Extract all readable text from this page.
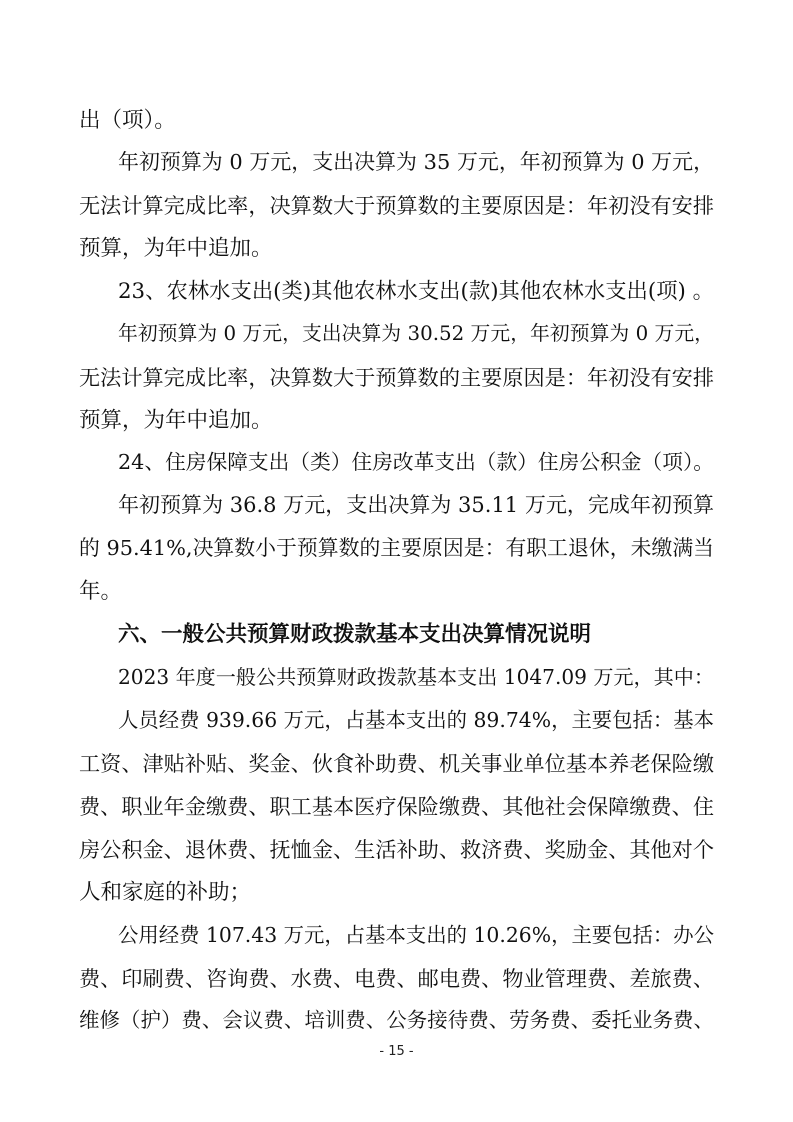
出（项）。
年初预算为 0 万元，支出决算为 35 万元，年初预算为 0 万元，
无法计算完成比率，决算数大于预算数的主要原因是：年初没有安排
预算，为年中追加。
23、农林水支出(类)其他农林水支出(款)其他农林水支出(项) 。
年初预算为 0 万元，支出决算为 30.52 万元，年初预算为 0 万元，
无法计算完成比率，决算数大于预算数的主要原因是：年初没有安排
预算，为年中追加。
24、住房保障支出（类）住房改革支出（款）住房公积金（项）。
年初预算为 36.8 万元，支出决算为 35.11 万元，完成年初预算
的 95.41%,决算数小于预算数的主要原因是：有职工退休，未缴满当
年。
六、一般公共预算财政拨款基本支出决算情况说明
2023 年度一般公共预算财政拨款基本支出 1047.09 万元，其中：
人员经费 939.66 万元，占基本支出的 89.74%，主要包括：基本
工资、津贴补贴、奖金、伙食补助费、机关事业单位基本养老保险缴
费、职业年金缴费、职工基本医疗保险缴费、其他社会保障缴费、住
房公积金、退休费、抚恤金、生活补助、救济费、奖励金、其他对个
人和家庭的补助；
公用经费 107.43 万元，占基本支出的 10.26%，主要包括：办公
费、印刷费、咨询费、水费、电费、邮电费、物业管理费、差旅费、
维修（护）费、会议费、培训费、公务接待费、劳务费、委托业务费、
- 15 -
